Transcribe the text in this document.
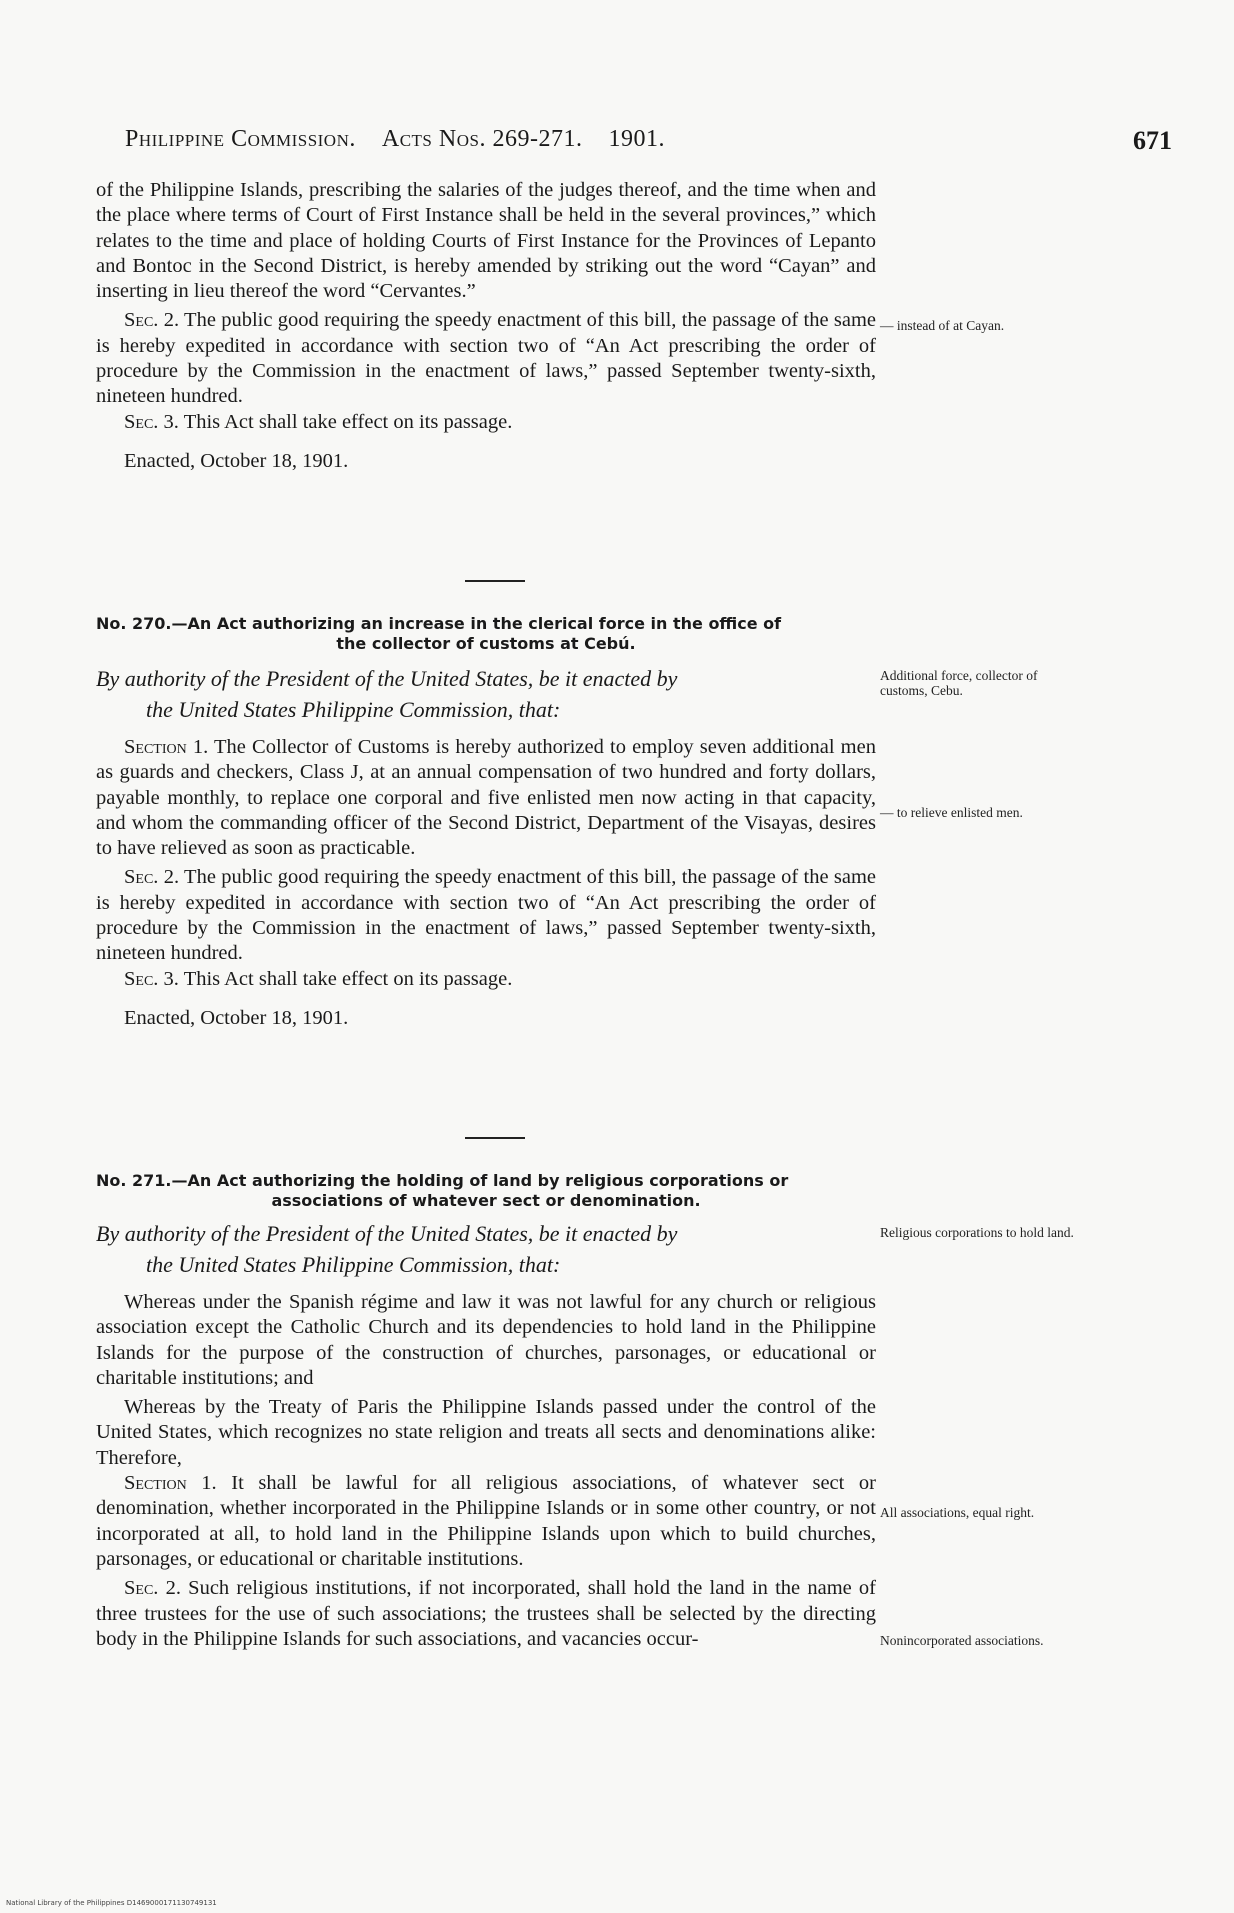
Philippine Commission. Acts Nos. 269-271. 1901.	671

of the Philippine Islands, prescribing the salaries of the judges thereof, and the time when and the place where terms of Court of First Instance shall be held in the several provinces,” which relates to the time and place of holding Courts of First Instance for the Provinces of Lepanto and Bontoc in the Second District, is hereby amended by striking out the word “Cayan” and inserting in lieu thereof the word “Cervantes.”

Sec. 2. The public good requiring the speedy enactment of this bill, the passage of the same is hereby expedited in accordance with section two of “An Act prescribing the order of procedure by the Commission in the enactment of laws,” passed September twenty-sixth, nineteen hundred.

Sec. 3. This Act shall take effect on its passage.

Enacted, October 18, 1901.

— instead of at Cayan.
No. 270.—An Act authorizing an increase in the clerical force in the office of
the collector of customs at Cebú.
By authority of the President of the United States, be it enacted by
the United States Philippine Commission, that:
Additional force, collector of customs, Cebu.

Section 1. The Collector of Customs is hereby authorized to employ seven additional men as guards and checkers, Class J, at an annual compensation of two hundred and forty dollars, payable monthly, to replace one corporal and five enlisted men now acting in that capacity, and whom the commanding officer of the Second District, Department of the Visayas, desires to have relieved as soon as practicable.

Sec. 2. The public good requiring the speedy enactment of this bill, the passage of the same is hereby expedited in accordance with section two of “An Act prescribing the order of procedure by the Commission in the enactment of laws,” passed September twenty-sixth, nineteen hundred.

Sec. 3. This Act shall take effect on its passage.

Enacted, October 18, 1901.

— to relieve enlisted men.
No. 271.—An Act authorizing the holding of land by religious corporations or
associations of whatever sect or denomination.
By authority of the President of the United States, be it enacted by
the United States Philippine Commission, that:
Religious corporations to hold land.

Whereas under the Spanish régime and law it was not lawful for any church or religious association except the Catholic Church and its dependencies to hold land in the Philippine Islands for the purpose of the construction of churches, parsonages, or educational or charitable institutions; and

Whereas by the Treaty of Paris the Philippine Islands passed under the control of the United States, which recognizes no state religion and treats all sects and denominations alike: Therefore,

Section 1. It shall be lawful for all religious associations, of whatever sect or denomination, whether incorporated in the Philippine Islands or in some other country, or not incorporated at all, to hold land in the Philippine Islands upon which to build churches, parsonages, or educational or charitable institutions.

Sec. 2. Such religious institutions, if not incorporated, shall hold the land in the name of three trustees for the use of such associations; the trustees shall be selected by the directing body in the Philippine Islands for such associations, and vacancies occur-

All associations, equal right.
Nonincorporated associations.
National Library of the Philippines D1469000171130749131
